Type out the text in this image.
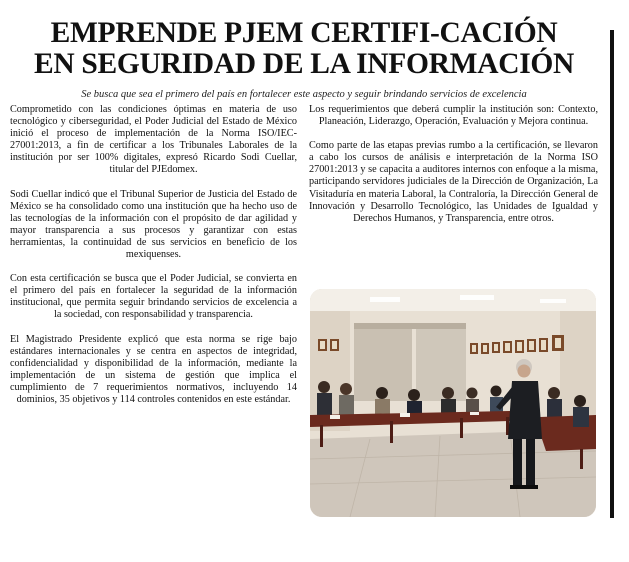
EMPRENDE PJEM CERTIFI-CACIÓN
EN SEGURIDAD DE LA INFORMACIÓN

Se busca que sea el primero del país en fortalecer este aspecto y seguir brindando servicios de excelencia

Comprometido con las condiciones óptimas en materia de uso tecnológico y ciberseguridad, el Poder Judicial del Estado de México inició el proceso de implementación de la Norma ISO/IEC-27001:2013, a fin de certificar a los Tribunales Laborales de la institución por ser 100% digitales, expresó Ricardo Sodi Cuellar, titular del PJEdomex.

Sodi Cuellar indicó que el Tribunal Superior de Justicia del Estado de México se ha consolidado como una institución que ha hecho uso de las tecnologías de la información con el propósito de dar agilidad y mayor transparencia a sus procesos y garantizar con estas herramientas, la continuidad de sus servicios en beneficio de los mexiquenses.

Con esta certificación se busca que el Poder Judicial, se convierta en el primero del país en fortalecer la seguridad de la información institucional, que permita seguir brindando servicios de excelencia a la sociedad, con responsabilidad y transparencia.

El Magistrado Presidente explicó que esta norma se rige bajo estándares internacionales y se centra en aspectos de integridad, confidencialidad y disponibilidad de la información, mediante la implementación de un sistema de gestión que implica el cumplimiento de 7 requerimientos normativos, incluyendo 14 dominios, 35 objetivos y 114 controles contenidos en este estándar.

Los requerimientos que deberá cumplir la institución son: Contexto, Planeación, Liderazgo, Operación, Evaluación y Mejora continua.

Como parte de las etapas previas rumbo a la certificación, se llevaron a cabo los cursos de análisis e interpretación de la Norma ISO 27001:2013 y se capacita a auditores internos con enfoque a la misma, participando servidores judiciales de la Dirección de Organización, La Visitaduría en materia Laboral, la Contraloría, la Dirección General de Innovación y Desarrollo Tecnológico, las Unidades de Igualdad y Derechos Humanos, y Transparencia, entre otros.
